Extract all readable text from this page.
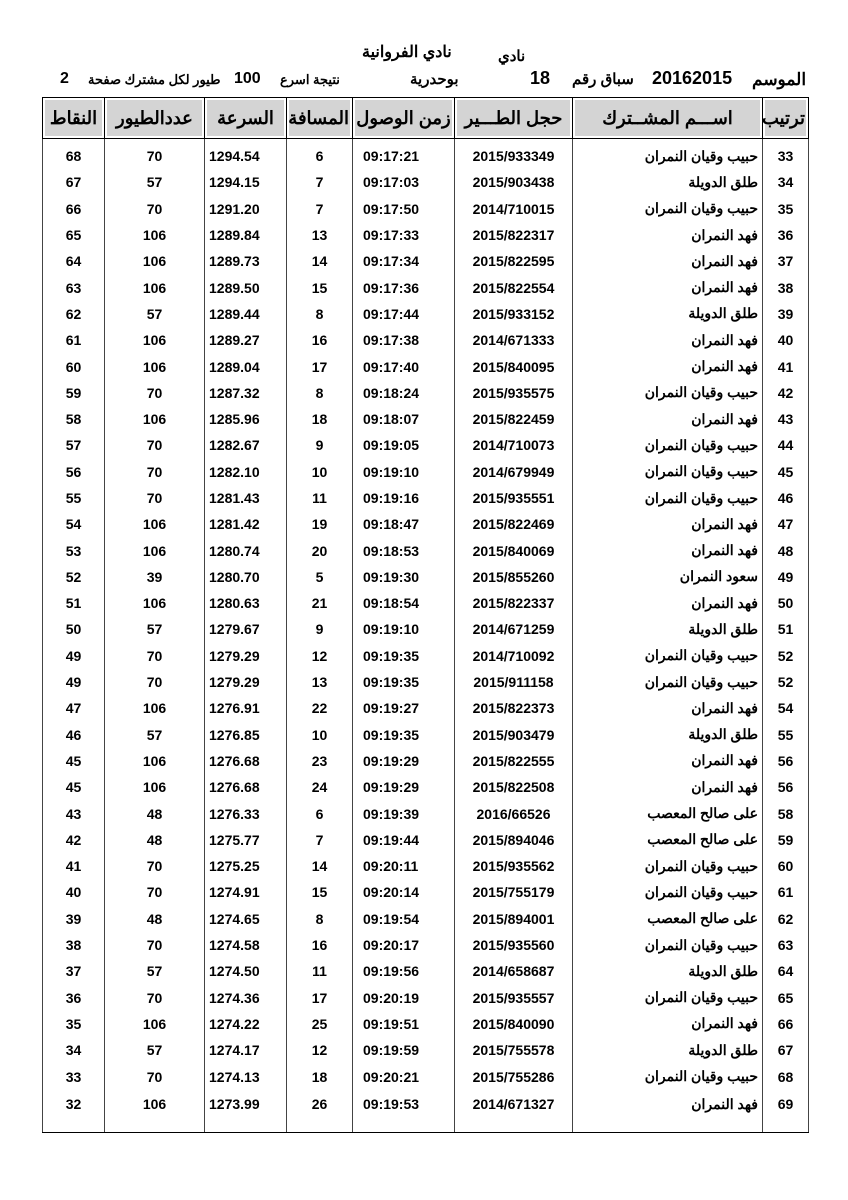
نادي
نادي الفروانية
الموسم
20162015
سباق رقم
18
بوحدرية
نتيجة اسرع
100
طيور لكل مشترك صفحة
2
ترتيب	اســـم المشــترك	حجل الطـــير	زمن الوصول	المسافة	السرعة	عددالطيور	النقاط
33	حبيب وقيان النمران	2015/933349	09:17:21	6	1294.54	70	68
34	طلق الدويلة	2015/903438	09:17:03	7	1294.15	57	67
35	حبيب وقيان النمران	2014/710015	09:17:50	7	1291.20	70	66
36	فهد النمران	2015/822317	09:17:33	13	1289.84	106	65
37	فهد النمران	2015/822595	09:17:34	14	1289.73	106	64
38	فهد النمران	2015/822554	09:17:36	15	1289.50	106	63
39	طلق الدويلة	2015/933152	09:17:44	8	1289.44	57	62
40	فهد النمران	2014/671333	09:17:38	16	1289.27	106	61
41	فهد النمران	2015/840095	09:17:40	17	1289.04	106	60
42	حبيب وقيان النمران	2015/935575	09:18:24	8	1287.32	70	59
43	فهد النمران	2015/822459	09:18:07	18	1285.96	106	58
44	حبيب وقيان النمران	2014/710073	09:19:05	9	1282.67	70	57
45	حبيب وقيان النمران	2014/679949	09:19:10	10	1282.10	70	56
46	حبيب وقيان النمران	2015/935551	09:19:16	11	1281.43	70	55
47	فهد النمران	2015/822469	09:18:47	19	1281.42	106	54
48	فهد النمران	2015/840069	09:18:53	20	1280.74	106	53
49	سعود النمران	2015/855260	09:19:30	5	1280.70	39	52
50	فهد النمران	2015/822337	09:18:54	21	1280.63	106	51
51	طلق الدويلة	2014/671259	09:19:10	9	1279.67	57	50
52	حبيب وقيان النمران	2014/710092	09:19:35	12	1279.29	70	49
52	حبيب وقيان النمران	2015/911158	09:19:35	13	1279.29	70	49
54	فهد النمران	2015/822373	09:19:27	22	1276.91	106	47
55	طلق الدويلة	2015/903479	09:19:35	10	1276.85	57	46
56	فهد النمران	2015/822555	09:19:29	23	1276.68	106	45
56	فهد النمران	2015/822508	09:19:29	24	1276.68	106	45
58	على صالح المعصب	2016/66526	09:19:39	6	1276.33	48	43
59	على صالح المعصب	2015/894046	09:19:44	7	1275.77	48	42
60	حبيب وقيان النمران	2015/935562	09:20:11	14	1275.25	70	41
61	حبيب وقيان النمران	2015/755179	09:20:14	15	1274.91	70	40
62	على صالح المعصب	2015/894001	09:19:54	8	1274.65	48	39
63	حبيب وقيان النمران	2015/935560	09:20:17	16	1274.58	70	38
64	طلق الدويلة	2014/658687	09:19:56	11	1274.50	57	37
65	حبيب وقيان النمران	2015/935557	09:20:19	17	1274.36	70	36
66	فهد النمران	2015/840090	09:19:51	25	1274.22	106	35
67	طلق الدويلة	2015/755578	09:19:59	12	1274.17	57	34
68	حبيب وقيان النمران	2015/755286	09:20:21	18	1274.13	70	33
69	فهد النمران	2014/671327	09:19:53	26	1273.99	106	32
